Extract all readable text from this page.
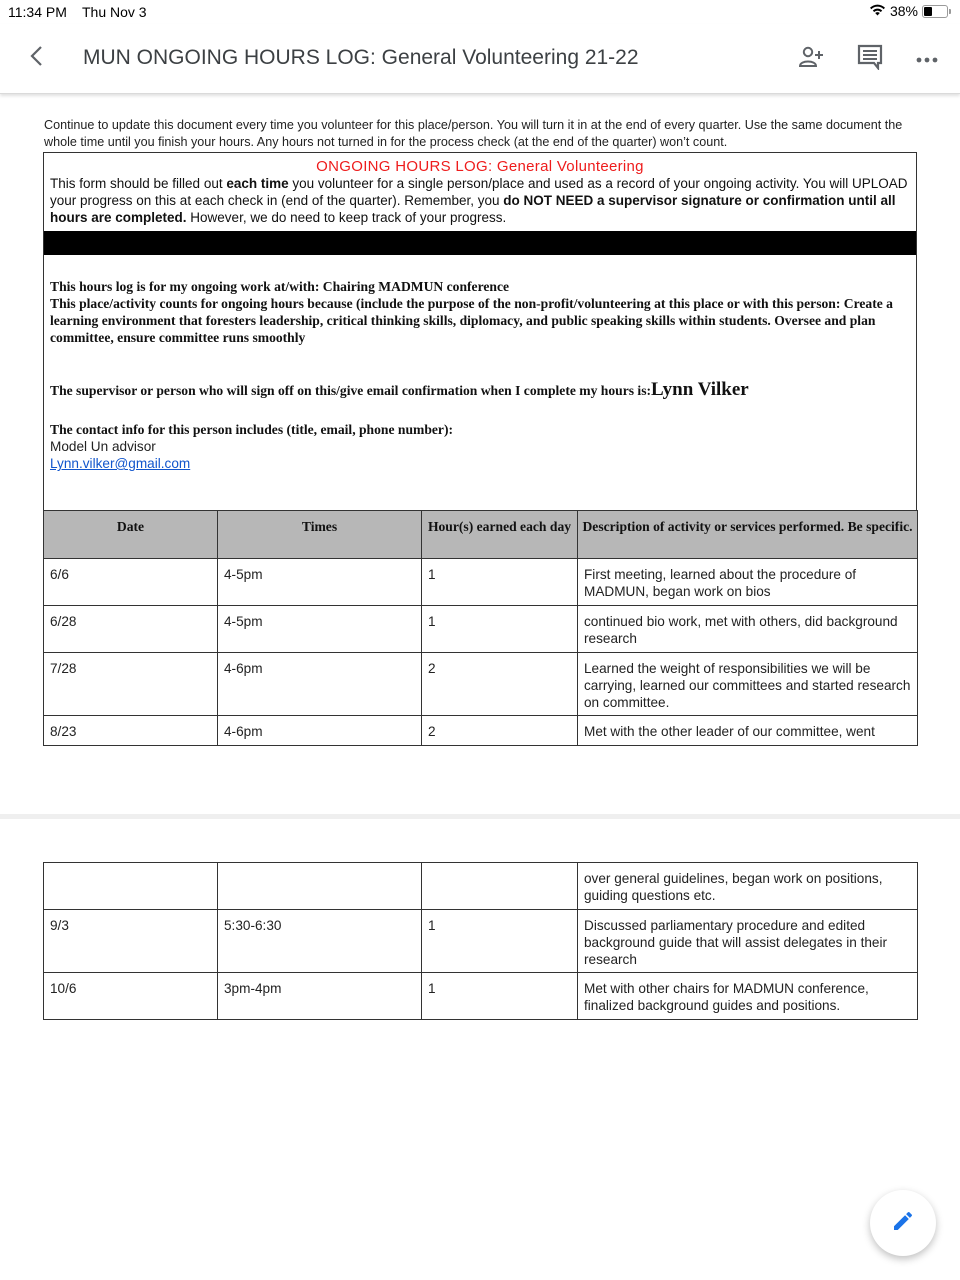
11:34 PM Thu Nov 3	38%
MUN ONGOING HOURS LOG: General Volunteering 21-22
Continue to update this document every time you volunteer for this place/person. You will turn it in at the end of every quarter. Use the same document the whole time until you finish your hours. Any hours not turned in for the process check (at the end of the quarter) won’t count.
ONGOING HOURS LOG: General Volunteering
This form should be filled out each time you volunteer for a single person/place and used as a record of your ongoing activity. You will UPLOAD your progress on this at each check in (end of the quarter). Remember, you do NOT NEED a supervisor signature or confirmation until all hours are completed. However, we do need to keep track of your progress.
This hours log is for my ongoing work at/with: Chairing MADMUN conference
This place/activity counts for ongoing hours because (include the purpose of the non-profit/volunteering at this place or with this person: Create a learning environment that foresters leadership, critical thinking skills, diplomacy, and public speaking skills within students. Oversee and plan committee, ensure committee runs smoothly
The supervisor or person who will sign off on this/give email confirmation when I complete my hours is:Lynn Vilker
The contact info for this person includes (title, email, phone number):
Model Un advisor
Lynn.vilker@gmail.com
Date	Times	Hour(s) earned each day	Description of activity or services performed. Be specific.
6/6	4-5pm	1	First meeting, learned about the procedure of MADMUN, began work on bios
6/28	4-5pm	1	continued bio work, met with others, did background research
7/28	4-6pm	2	Learned the weight of responsibilities we will be carrying, learned our committees and started research on committee.
8/23	4-6pm	2	Met with the other leader of our committee, went
			over general guidelines, began work on positions, guiding questions etc.
9/3	5:30-6:30	1	Discussed parliamentary procedure and edited background guide that will assist delegates in their research
10/6	3pm-4pm	1	Met with other chairs for MADMUN conference, finalized background guides and positions.
